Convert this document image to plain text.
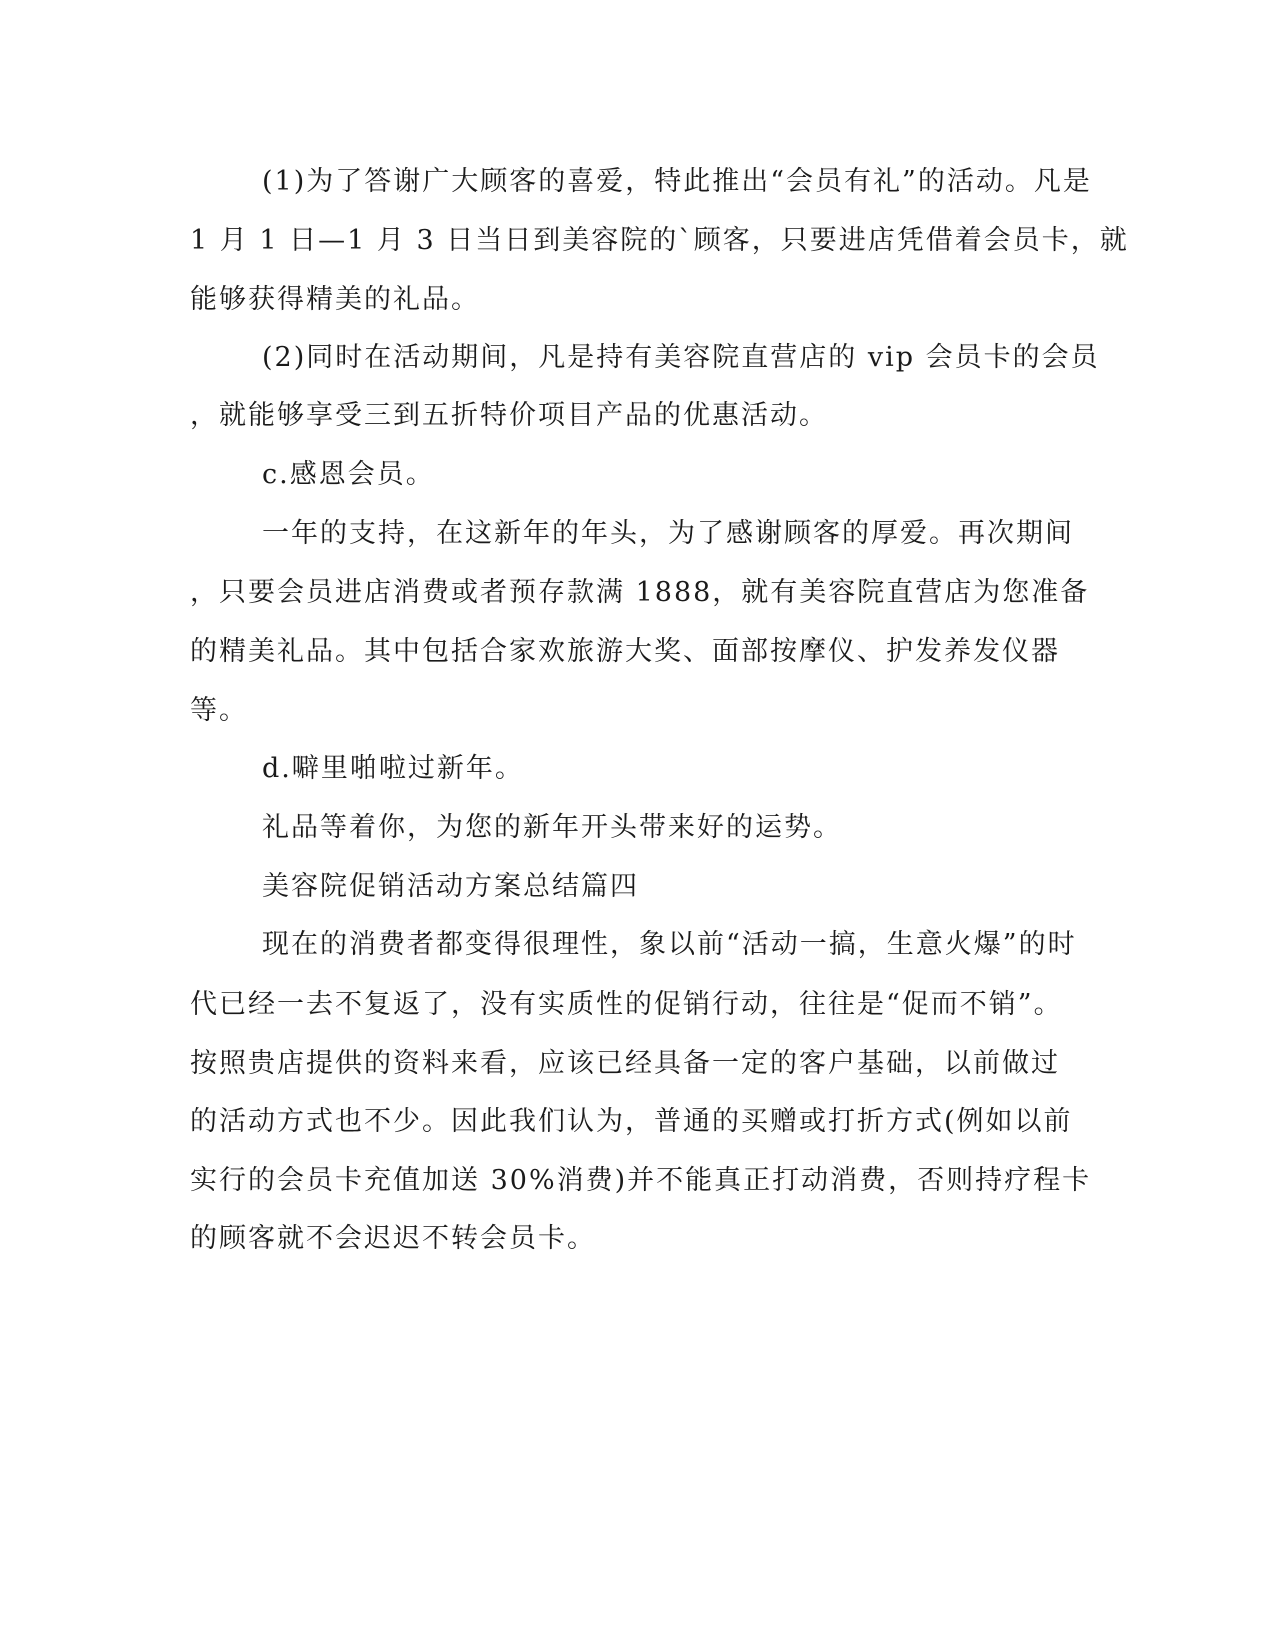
(1)为了答谢广大顾客的喜爱，特此推出“会员有礼”的活动。凡是
1 月 1 日—1 月 3 日当日到美容院的`顾客，只要进店凭借着会员卡，就
能够获得精美的礼品。
(2)同时在活动期间，凡是持有美容院直营店的 vip 会员卡的会员
，就能够享受三到五折特价项目产品的优惠活动。
c.感恩会员。
一年的支持，在这新年的年头，为了感谢顾客的厚爱。再次期间
，只要会员进店消费或者预存款满 1888，就有美容院直营店为您准备
的精美礼品。其中包括合家欢旅游大奖、面部按摩仪、护发养发仪器
等。
d.噼里啪啦过新年。
礼品等着你，为您的新年开头带来好的运势。
美容院促销活动方案总结篇四
现在的消费者都变得很理性，象以前“活动一搞，生意火爆”的时
代已经一去不复返了，没有实质性的促销行动，往往是“促而不销”。
按照贵店提供的资料来看，应该已经具备一定的客户基础，以前做过
的活动方式也不少。因此我们认为，普通的买赠或打折方式(例如以前
实行的会员卡充值加送 30%消费)并不能真正打动消费，否则持疗程卡
的顾客就不会迟迟不转会员卡。
